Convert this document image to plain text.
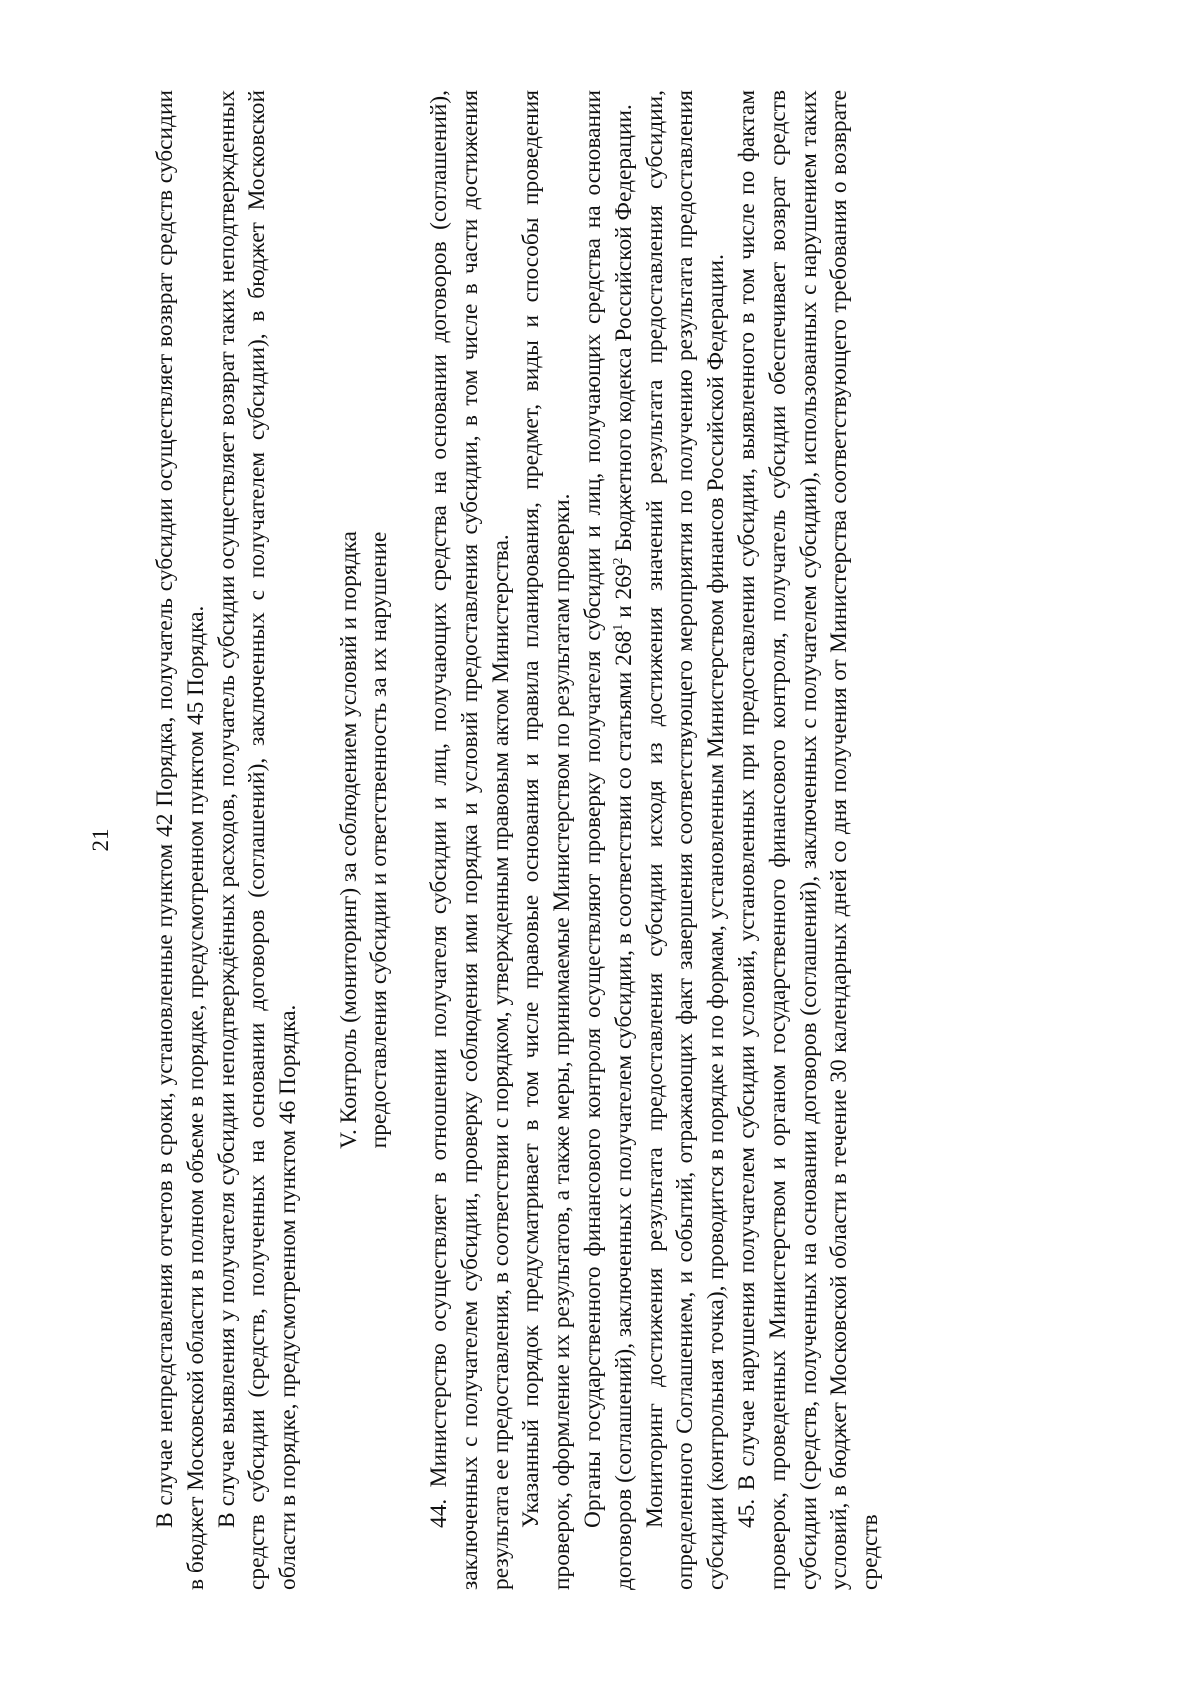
21 В случае непредставления отчетов в сроки, установленные пунктом 42 Порядка, получатель субсидии осуществляет возврат средств субсидии в бюджет Московской области в полном объеме в порядке, предусмотренном пунктом 45 Порядка. В случае выявления у получателя субсидии неподтверждённых расходов, получатель субсидии осуществляет возврат таких неподтвержденных средств субсидии (средств, полученных на основании договоров (соглашений), заключенных с получателем субсидии), в бюджет Московской области в порядке, предусмотренном пунктом 46 Порядка.

V. Контроль (мониторинг) за соблюдением условий и порядка предоставления субсидии и ответственность за их нарушение 44. Министерство осуществляет в отношении получателя субсидии и лиц, получающих средства на основании договоров (соглашений), заключенных с получателем субсидии, проверку соблюдения ими порядка и условий предоставления субсидии, в том числе в части достижения результата ее предоставления, в соответствии с порядком, утвержденным правовым актом Министерства. Указанный порядок предусматривает в том числе правовые основания и правила планирования, предмет, виды и способы проведения проверок, оформление их результатов, а также меры, принимаемые Министерством по результатам проверки. Органы государственного финансового контроля осуществляют проверку получателя субсидии и лиц, получающих средства на основании договоров (соглашений), заключенных с получателем субсидии, в соответствии со статьями $268^1$ и $269^2$ Бюджетного кодекса Российской Федерации. Мониторинг достижения результата предоставления субсидии исходя из достижения значений результата предоставления субсидии, определенного Соглашением, и событий, отражающих факт завершения соответствующего мероприятия по получению результата предоставления субсидии (контрольная точка), проводится в порядке и по формам, установленным Министерством финансов Российской Федерации. 45. В случае нарушения получателем субсидии условий, установленных при предоставлении субсидии, выявленного в том числе по фактам проверок, проведенных Министерством и органом государственного финансового контроля, получатель субсидии обеспечивает возврат средств субсидии (средств, полученных на основании договоров (соглашений), заключенных с получателем субсидии), использованных с нарушением таких условий, в бюджет Московской области в течение 30 календарных дней со дня получения от Министерства соответствующего требования о возврате средств
